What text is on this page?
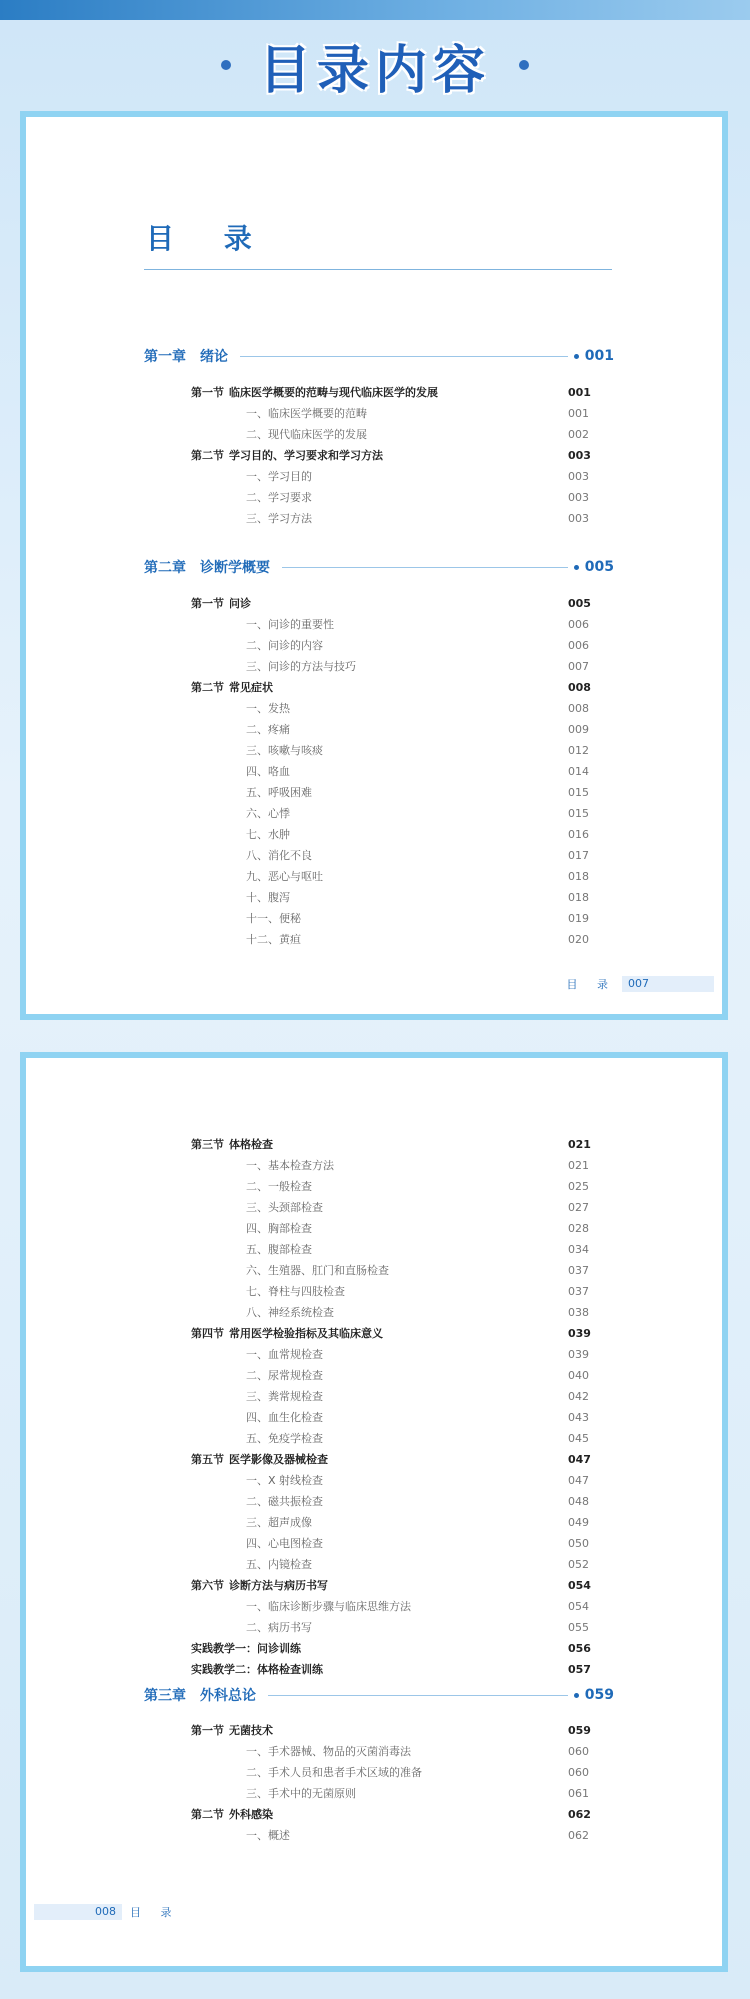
目录内容
目 录
第一章 绪论	001
第一节 临床医学概要的范畴与现代临床医学的发展	001
一、临床医学概要的范畴	001
二、现代临床医学的发展	002
第二节 学习目的、学习要求和学习方法	003
一、学习目的	003
二、学习要求	003
三、学习方法	003
第二章 诊断学概要	005
第一节 问诊	005
一、问诊的重要性	006
二、问诊的内容	006
三、问诊的方法与技巧	007
第二节 常见症状	008
一、发热	008
二、疼痛	009
三、咳嗽与咳痰	012
四、咯血	014
五、呼吸困难	015
六、心悸	015
七、水肿	016
八、消化不良	017
九、恶心与呕吐	018
十、腹泻	018
十一、便秘	019
十二、黄疸	020
目 录	007
第三节 体格检查	021
一、基本检查方法	021
二、一般检查	025
三、头颈部检查	027
四、胸部检查	028
五、腹部检查	034
六、生殖器、肛门和直肠检查	037
七、脊柱与四肢检查	037
八、神经系统检查	038
第四节 常用医学检验指标及其临床意义	039
一、血常规检查	039
二、尿常规检查	040
三、粪常规检查	042
四、血生化检查	043
五、免疫学检查	045
第五节 医学影像及器械检查	047
一、X 射线检查	047
二、磁共振检查	048
三、超声成像	049
四、心电图检查	050
五、内镜检查	052
第六节 诊断方法与病历书写	054
一、临床诊断步骤与临床思维方法	054
二、病历书写	055
实践教学一：问诊训练	056
实践教学二：体格检查训练	057
第三章 外科总论	059
第一节 无菌技术	059
一、手术器械、物品的灭菌消毒法	060
二、手术人员和患者手术区域的准备	060
三、手术中的无菌原则	061
第二节 外科感染	062
一、概述	062
008	目 录
